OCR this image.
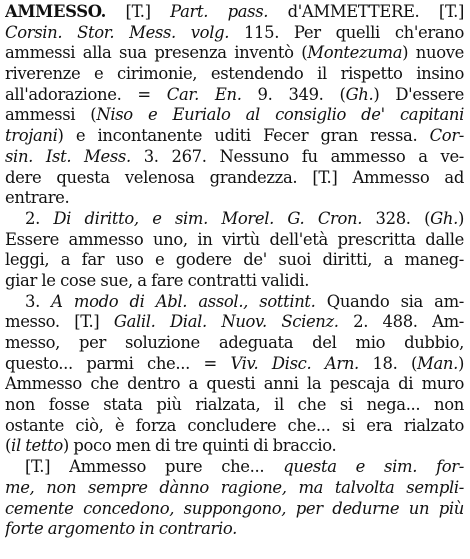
AMMESSO. [T.] Part. pass. d'AMMETTERE. [T.]
Corsin. Stor. Mess. volg. 115. Per quelli ch'erano
ammessi alla sua presenza inventò (Montezuma) nuove
riverenze e cirimonie, estendendo il rispetto insino
all'adorazione. = Car. En. 9. 349. (Gh.) D'essere
ammessi (Niso e Eurialo al consiglio de' capitani
trojani) e incontanente uditi Fecer gran ressa. Cor-
sin. Ist. Mess. 3. 267. Nessuno fu ammesso a ve-
dere questa velenosa grandezza. [T.] Ammesso ad
entrare.
2. Di diritto, e sim. Morel. G. Cron. 328. (Gh.)
Essere ammesso uno, in virtù dell'età prescritta dalle
leggi, a far uso e godere de' suoi diritti, a maneg-
giar le cose sue, a fare contratti validi.
3. A modo di Abl. assol., sottint. Quando sia am-
messo. [T.] Galil. Dial. Nuov. Scienz. 2. 488. Am-
messo, per soluzione adeguata del mio dubbio,
questo... parmi che... = Viv. Disc. Arn. 18. (Man.)
Ammesso che dentro a questi anni la pescaja di muro
non fosse stata più rialzata, il che si nega... non
ostante ciò, è forza concludere che... si era rialzato
(il tetto) poco men di tre quinti di braccio.
[T.] Ammesso pure che... questa e sim. for-
me, non sempre dànno ragione, ma talvolta sempli-
cemente concedono, suppongono, per dedurne un più
forte argomento in contrario.
